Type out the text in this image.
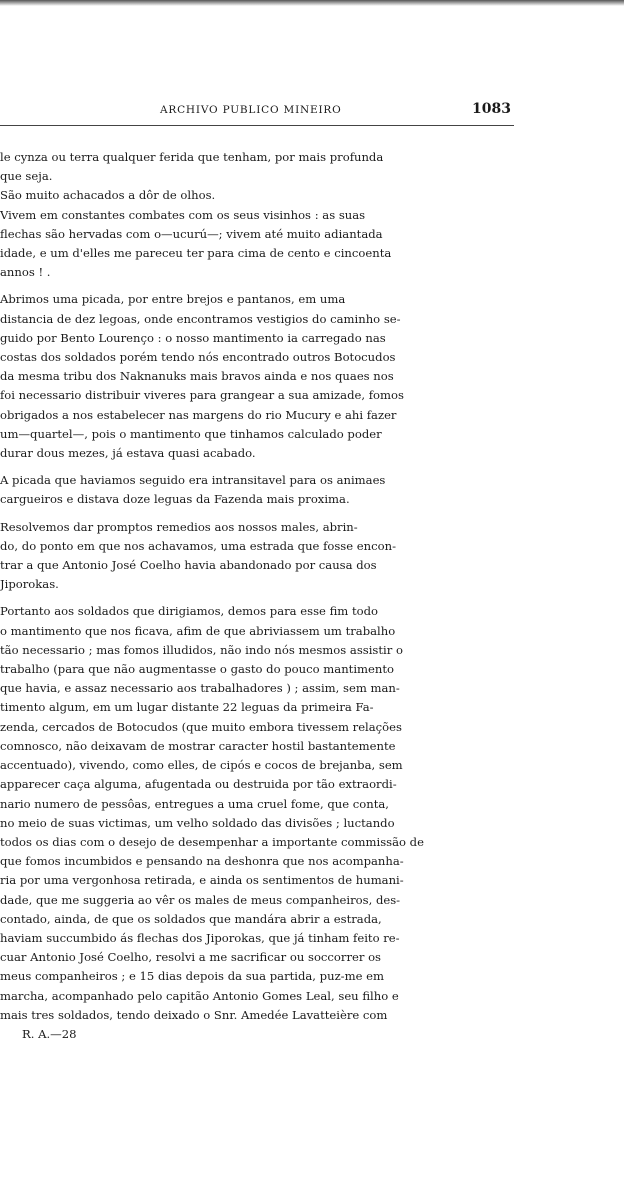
ARCHIVO PUBLICO MINEIRO	1083

le cynza ou terra qualquer ferida que tenham, por mais profunda
que seja.

São muito achacados a dôr de olhos.

Vivem em constantes combates com os seus visinhos : as suas
flechas são hervadas com o—ucurú—; vivem até muito adiantada
idade, e um d'elles me pareceu ter para cima de cento e cincoenta
annos ! .

Abrimos uma picada, por entre brejos e pantanos, em uma
distancia de dez legoas, onde encontramos vestigios do caminho se-
guido por Bento Lourenço : o nosso mantimento ia carregado nas
costas dos soldados porém tendo nós encontrado outros Botocudos
da mesma tribu dos Naknanuks mais bravos ainda e nos quaes nos
foi necessario distribuir viveres para grangear a sua amizade, fomos
obrigados a nos estabelecer nas margens do rio Mucury e ahi fazer
um—quartel—, pois o mantimento que tinhamos calculado poder
durar dous mezes, já estava quasi acabado.

A picada que haviamos seguido era intransitavel para os animaes
cargueiros e distava doze leguas da Fazenda mais proxima.

Resolvemos dar promptos remedios aos nossos males, abrin-
do, do ponto em que nos achavamos, uma estrada que fosse encon-
trar a que Antonio José Coelho havia abandonado por causa dos
Jiporokas.

Portanto aos soldados que dirigiamos, demos para esse fim todo
o mantimento que nos ficava, afim de que abriviassem um trabalho
tão necessario ; mas fomos illudidos, não indo nós mesmos assistir o
trabalho (para que não augmentasse o gasto do pouco mantimento
que havia, e assaz necessario aos trabalhadores ) ; assim, sem man-
timento algum, em um lugar distante 22 leguas da primeira Fa-
zenda, cercados de Botocudos (que muito embora tivessem relações
comnosco, não deixavam de mostrar caracter hostil bastantemente
accentuado), vivendo, como elles, de cipós e cocos de brejanba, sem
apparecer caça alguma, afugentada ou destruida por tão extraordi-
nario numero de pessôas, entregues a uma cruel fome, que conta,
no meio de suas victimas, um velho soldado das divisões ; luctando
todos os dias com o desejo de desempenhar a importante commissão de
que fomos incumbidos e pensando na deshonra que nos acompanha-
ria por uma vergonhosa retirada, e ainda os sentimentos de humani-
dade, que me suggeria ao vêr os males de meus companheiros, des-
contado, ainda, de que os soldados que mandára abrir a estrada,
haviam succumbido ás flechas dos Jiporokas, que já tinham feito re-
cuar Antonio José Coelho, resolvi a me sacrificar ou soccorrer os
meus companheiros ; e 15 dias depois da sua partida, puz-me em
marcha, acompanhado pelo capitão Antonio Gomes Leal, seu filho e
mais tres soldados, tendo deixado o Snr. Amedée Lavatteière com

R. A.—28
